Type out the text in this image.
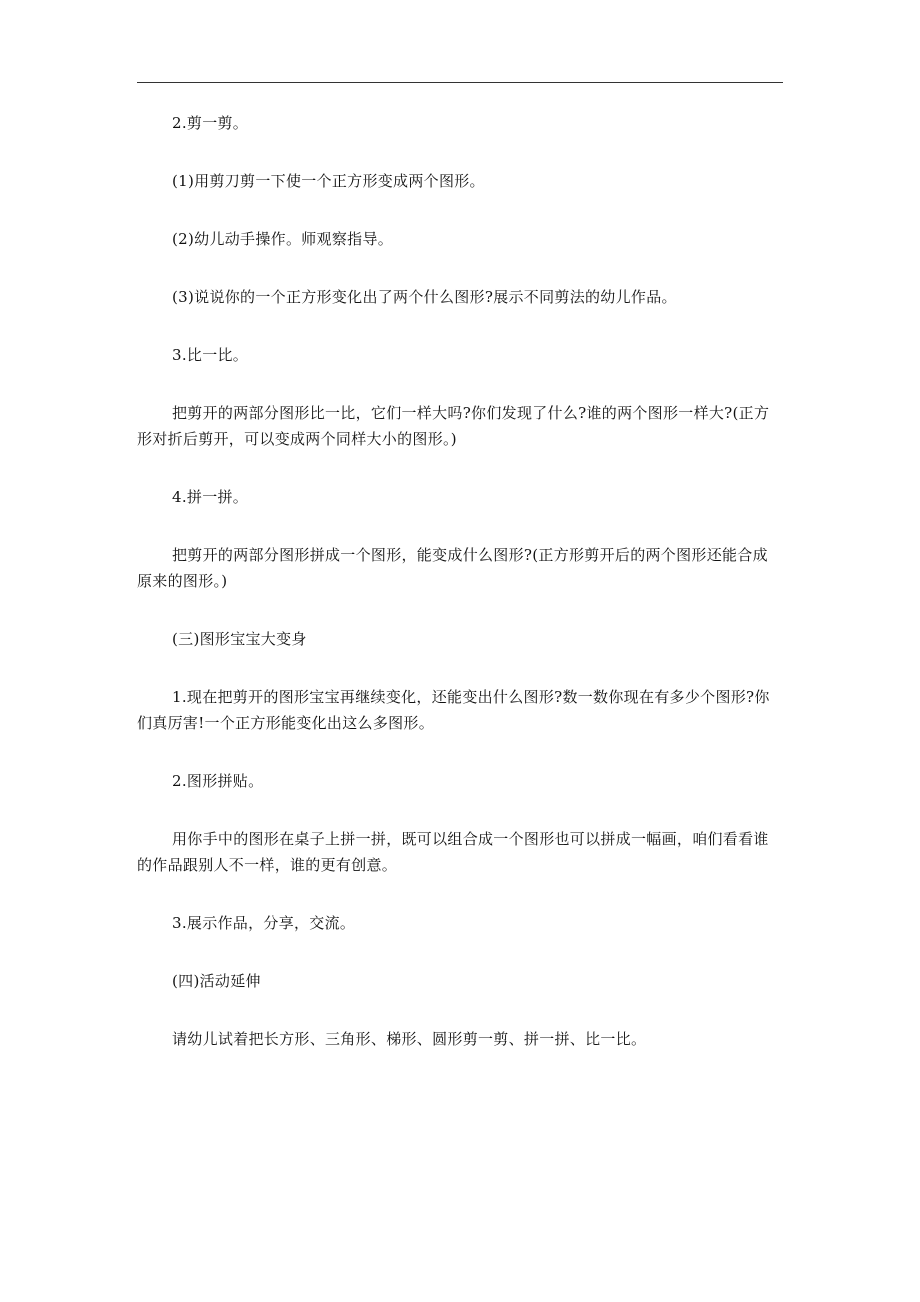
2.剪一剪。

(1)用剪刀剪一下使一个正方形变成两个图形。

(2)幼儿动手操作。师观察指导。

(3)说说你的一个正方形变化出了两个什么图形?展示不同剪法的幼儿作品。

3.比一比。

把剪开的两部分图形比一比，它们一样大吗?你们发现了什么?谁的两个图形一样大?(正方形对折后剪开，可以变成两个同样大小的图形。)

4.拼一拼。

把剪开的两部分图形拼成一个图形，能变成什么图形?(正方形剪开后的两个图形还能合成原来的图形。)

(三)图形宝宝大变身

1.现在把剪开的图形宝宝再继续变化，还能变出什么图形?数一数你现在有多少个图形?你们真厉害!一个正方形能变化出这么多图形。

2.图形拼贴。

用你手中的图形在桌子上拼一拼，既可以组合成一个图形也可以拼成一幅画，咱们看看谁的作品跟别人不一样，谁的更有创意。

3.展示作品，分享，交流。

(四)活动延伸

请幼儿试着把长方形、三角形、梯形、圆形剪一剪、拼一拼、比一比。
